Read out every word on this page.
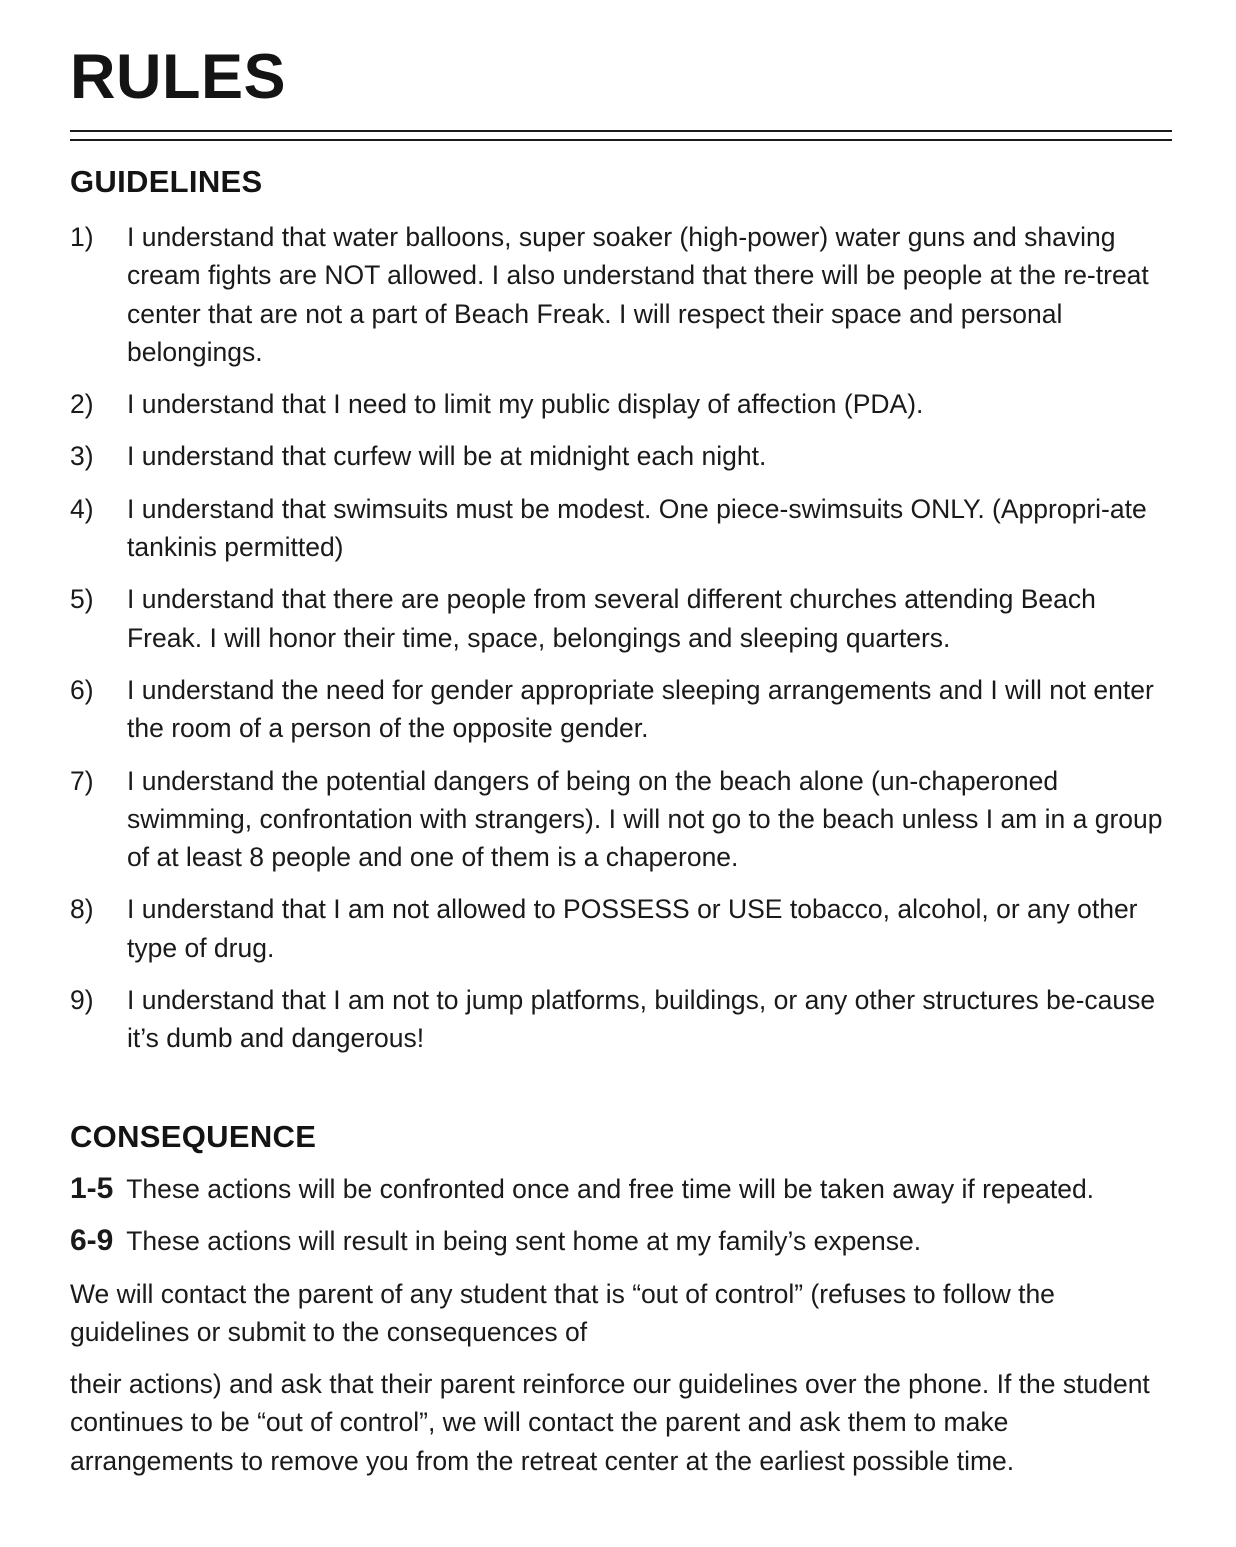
RULES
GUIDELINES
1)	I understand that water balloons, super soaker (high-power) water guns and shaving cream fights are NOT allowed. I also understand that there will be people at the re-treat center that are not a part of Beach Freak. I will respect their space and personal belongings.
2)	I understand that I need to limit my public display of affection (PDA).
3)	I understand that curfew will be at midnight each night.
4)	I understand that swimsuits must be modest. One piece-swimsuits ONLY. (Appropri-ate tankinis permitted)
5)	I understand that there are people from several different churches attending Beach Freak. I will honor their time, space, belongings and sleeping quarters.
6)	I understand the need for gender appropriate sleeping arrangements and I will not enter the room of a person of the opposite gender.
7)	I understand the potential dangers of being on the beach alone (un-chaperoned swimming, confrontation with strangers). I will not go to the beach unless I am in a group of at least 8 people and one of them is a chaperone.
8)	I understand that I am not allowed to POSSESS or USE tobacco, alcohol, or any other type of drug.
9)	I understand that I am not to jump platforms, buildings, or any other structures be-cause it’s dumb and dangerous!
CONSEQUENCE

1-5 These actions will be confronted once and free time will be taken away if repeated.

6-9 These actions will result in being sent home at my family’s expense.

We will contact the parent of any student that is “out of control” (refuses to follow the guidelines or submit to the consequences of

their actions) and ask that their parent reinforce our guidelines over the phone. If the student continues to be “out of control”, we will contact the parent and ask them to make arrangements to remove you from the retreat center at the earliest possible time.
